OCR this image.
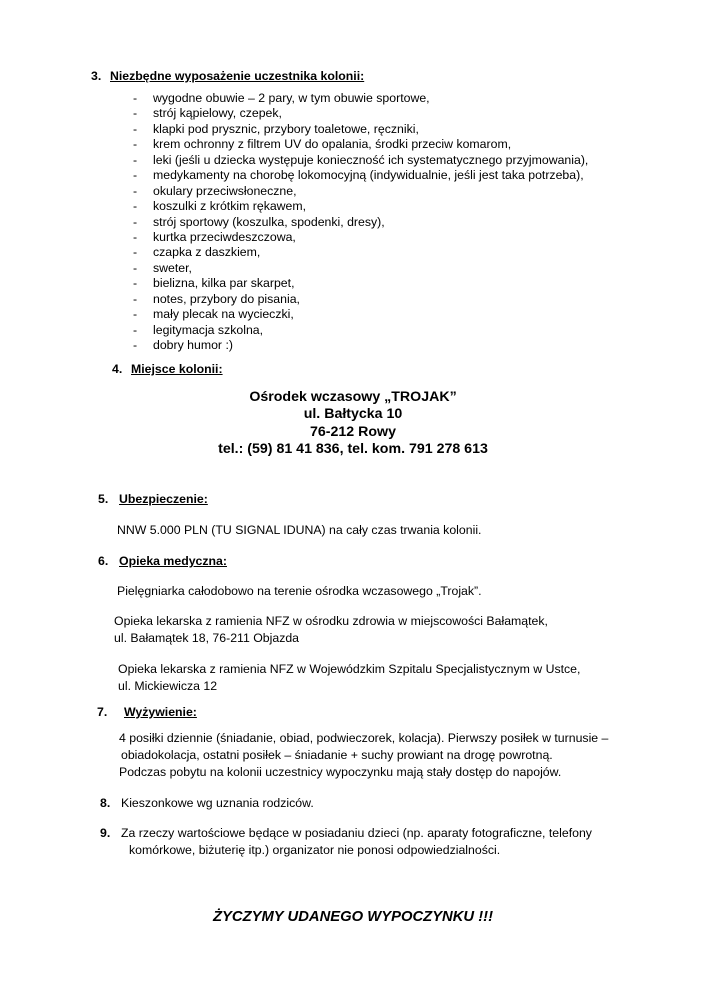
3. Niezbędne wyposażenie uczestnika kolonii:
- wygodne obuwie – 2 pary, w tym obuwie sportowe,
- strój kąpielowy, czepek,
- klapki pod prysznic, przybory toaletowe, ręczniki,
- krem ochronny z filtrem UV do opalania, środki przeciw komarom,
- leki (jeśli u dziecka występuje konieczność ich systematycznego przyjmowania),
- medykamenty na chorobę lokomocyjną (indywidualnie, jeśli jest taka potrzeba),
- okulary przeciwsłoneczne,
- koszulki z krótkim rękawem,
- strój sportowy (koszulka, spodenki, dresy),
- kurtka przeciwdeszczowa,
- czapka z daszkiem,
- sweter,
- bielizna, kilka par skarpet,
- notes, przybory do pisania,
- mały plecak na wycieczki,
- legitymacja szkolna,
- dobry humor :)
4. Miejsce kolonii:
Ośrodek wczasowy „TROJAK”
ul. Bałtycka 10
76-212 Rowy
tel.: (59) 81 41 836, tel. kom. 791 278 613
5. Ubezpieczenie:
NNW 5.000 PLN (TU SIGNAL IDUNA) na cały czas trwania kolonii.
6. Opieka medyczna:
Pielęgniarka całodobowo na terenie ośrodka wczasowego „Trojak”.
Opieka lekarska z ramienia NFZ w ośrodku zdrowia w miejscowości Bałamątek,
ul. Bałamątek 18, 76-211 Objazda
Opieka lekarska z ramienia NFZ w Wojewódzkim Szpitalu Specjalistycznym w Ustce,
ul. Mickiewicza 12
7. Wyżywienie:
4 posiłki dziennie (śniadanie, obiad, podwieczorek, kolacja). Pierwszy posiłek w turnusie –
obiadokolacja, ostatni posiłek – śniadanie + suchy prowiant na drogę powrotną.
Podczas pobytu na kolonii uczestnicy wypoczynku mają stały dostęp do napojów.
8. Kieszonkowe wg uznania rodziców.
9. Za rzeczy wartościowe będące w posiadaniu dzieci (np. aparaty fotograficzne, telefony
komórkowe, biżuterię itp.) organizator nie ponosi odpowiedzialności.
ŻYCZYMY UDANEGO WYPOCZYNKU !!!
